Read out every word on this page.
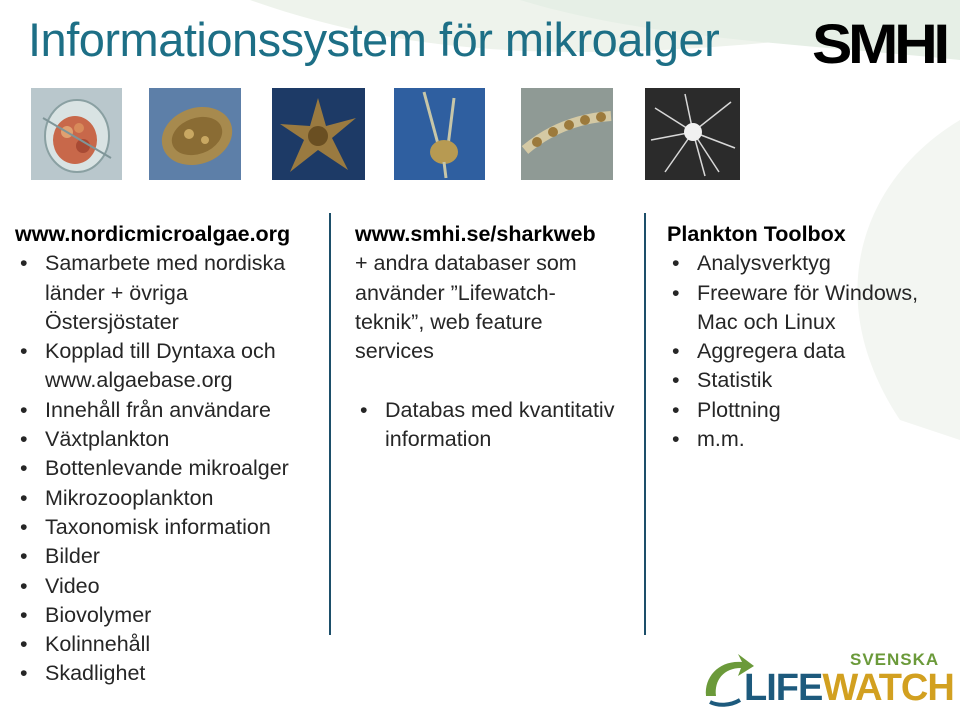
Informationssystem för mikroalger SMHI
www.nordicmicroalgae.org
• Samarbete med nordiska
länder + övriga
Östersjöstater
• Kopplad till Dyntaxa och
www.algaebase.org
• Innehåll från användare
• Växtplankton
• Bottenlevande mikroalger
• Mikrozooplankton
• Taxonomisk information
• Bilder
• Video
• Biovolymer
• Kolinnehåll
• Skadlighet
www.smhi.se/sharkweb

+ andra databaser som

använder ”Lifewatch-

teknik”, web feature

services

• Databas med kvantitativ
information
Plankton Toolbox
• Analysverktyg
• Freeware för Windows,
Mac och Linux
• Aggregera data
• Statistik
• Plottning
• m.m.
SVENSKA
LIFEWATCH
